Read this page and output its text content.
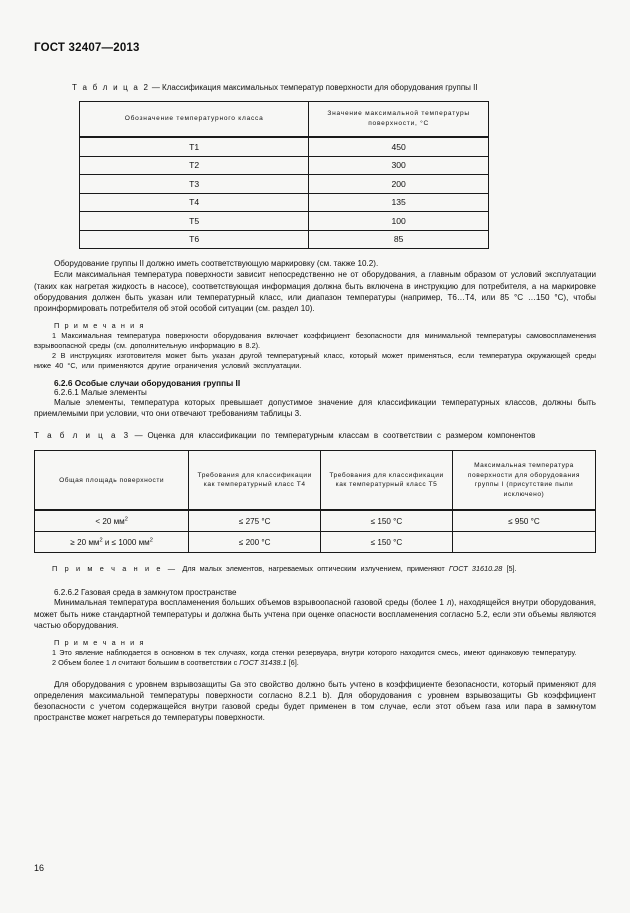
ГОСТ 32407—2013

Т а б л и ц а 2 — Классификация максимальных температур поверхности для оборудования группы II

Обозначение температурного класса	Значение максимальной температуры поверхности, °С
Т1	450
Т2	300
Т3	200
Т4	135
Т5	100
Т6	85

Оборудование группы II должно иметь соответствующую маркировку (см. также 10.2).

Если максимальная температура поверхности зависит непосредственно не от оборудования, а главным образом от условий эксплуатации (таких как нагретая жидкость в насосе), соответствующая информация должна быть включена в инструкцию для потребителя, а на маркировке оборудования должен быть указан или температурный класс, или диапазон температуры (например, Т6…Т4, или 85 °С …150 °С), чтобы проинформировать потребителя об этой особой ситуации (см. раздел 10).

П р и м е ч а н и я

1 Максимальная температура поверхности оборудования включает коэффициент безопасности для минимальной температуры самовоспламенения взрывоопасной среды (см. дополнительную информацию в 8.2).

2 В инструкциях изготовителя может быть указан другой температурный класс, который может применяться, если температура окружающей среды ниже 40 °С, или применяются другие ограничения условий эксплуатации.

6.2.6 Особые случаи оборудования группы II

6.2.6.1 Малые элементы

Малые элементы, температура которых превышает допустимое значение для классификации температурных классов, должны быть приемлемыми при условии, что они отвечают требованиям таблицы 3.

Т а б л и ц а 3 — Оценка для классификации по температурным классам в соответствии с размером компонентов

Общая площадь поверхности	Требования для классификации как температурный класс Т4	Требования для классификации как температурный класс Т5	Максимальная температура поверхности для оборудования группы I (присутствие пыли исключено)
< 20 $мм^2$	≤ 275 °С	≤ 150 °С	≤ 950 °С
≥ 20 $мм^2$ и ≤ 1000 $мм^2$	≤ 200 °С	≤ 150 °С	

П р и м е ч а н и е — Для малых элементов, нагреваемых оптическим излучением, применяют ГОСТ 31610.28 [5].

6.2.6.2 Газовая среда в замкнутом пространстве

Минимальная температура воспламенения больших объемов взрывоопасной газовой среды (более 1 л), находящейся внутри оборудования, может быть ниже стандартной температуры и должна быть учтена при оценке опасности воспламенения согласно 5.2, если эти объемы являются частью оборудования.

П р и м е ч а н и я

1 Это явление наблюдается в основном в тех случаях, когда стенки резервуара, внутри которого находится смесь, имеют одинаковую температуру.

2 Объем более 1 л считают большим в соответствии с ГОСТ 31438.1 [6].

Для оборудования с уровнем взрывозащиты Ga это свойство должно быть учтено в коэффициенте безопасности, который применяют для определения максимальной температуры поверхности согласно 8.2.1 b). Для оборудования с уровнем взрывозащиты Gb коэффициент безопасности с учетом содержащейся внутри газовой среды будет применен в том случае, если этот объем газа или пара в замкнутом пространстве может нагреться до температуры поверхности.

16
